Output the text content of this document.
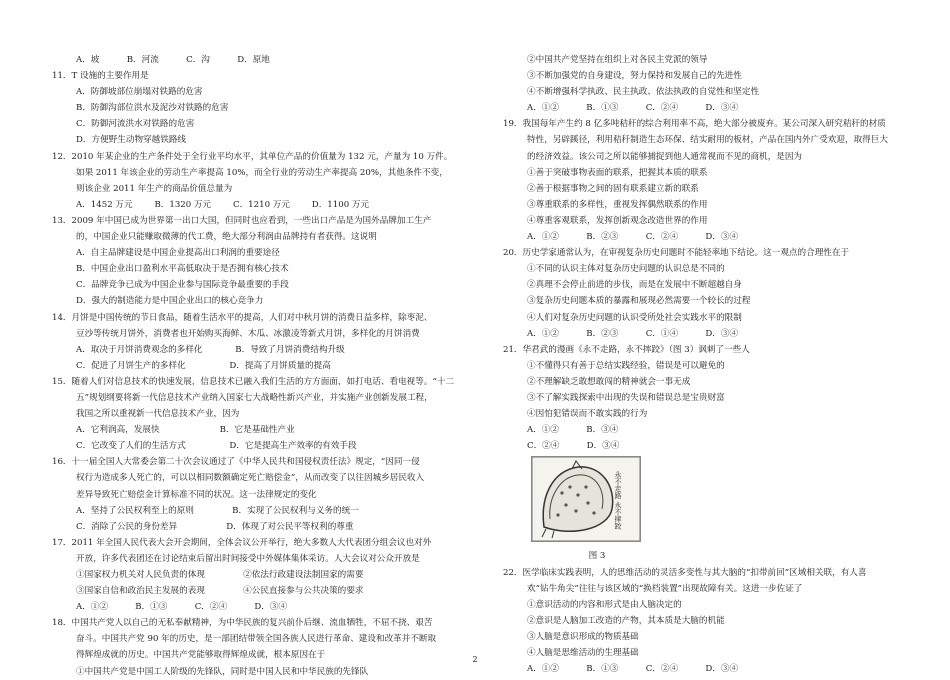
A．坡          B．河流          C．沟          D．原地
11．T 设施的主要作用是
A．防御坡部位崩塌对铁路的危害
B．防御沟部位洪水及泥沙对铁路的危害
C．防御河流洪水对铁路的危害
D．方便野生动物穿越铁路线
12．2010 年某企业的生产条件处于全行业平均水平，其单位产品的价值量为 132 元，产量为 10 万件。
如果 2011 年该企业的劳动生产率提高 10%，而全行业的劳动生产率提高 20%，其他条件不变，
则该企业 2011 年生产的商品价值总量为
A．1452 万元        B．1320 万元        C．1210 万元        D．1100 万元
13．2009 年中国已成为世界第一出口大国，但同时也应看到，一些出口产品是为国外品牌加工生产
的，中国企业只能赚取微薄的代工费，绝大部分利润由品牌持有者获得。这说明
A．自主品牌建设是中国企业提高出口利润的重要途径
B．中国企业出口盈利水平高低取决于是否拥有核心技术
C．品牌竞争已成为中国企业参与国际竞争最重要的手段
D．强大的制造能力是中国企业出口的核心竞争力
14．月饼是中国传统的节日食品，随着生活水平的提高，人们对中秋月饼的消费日益多样，除枣泥、
豆沙等传统月饼外，消费者也开始购买海鲜、木瓜、冰激凌等新式月饼，多样化的月饼消费
A．取决于月饼消费观念的多样化            B．导致了月饼消费结构升级
C．促进了月饼生产的多样化                D．提高了月饼质量的提高
15．随着人们对信息技术的快速发展，信息技术已融入我们生活的方方面面，如打电话、看电视等。“十二
五”规划纲要将新一代信息技术产业纳入国家七大战略性新兴产业，并实施产业创新发展工程，
我国之所以重视新一代信息技术产业，因为
A．它利润高，发展快                      B．它是基础性产业
C．它改变了人们的生活方式                D．它是提高生产效率的有效手段
16．十一届全国人大常委会第二十次会议通过了《中华人民共和国侵权责任法》规定，“因同一侵
权行为造成多人死亡的，可以以相同数额确定死亡赔偿金”，从而改变了以往因城乡居民收入
差异导致死亡赔偿金计算标准不同的状况。这一法律规定的变化
A．坚持了公民权利至上的原则              B．实现了公民权利与义务的统一
C．消除了公民的身份差异                  D．体现了对公民平等权利的尊重
17．2011 年全国人民代表大会开会期间，全体会议公开举行，绝大多数人大代表团分组会议也对外
开放，许多代表团还在讨论结束后留出时间接受中外媒体集体采访。人大会议对公众开放是
①国家权力机关对人民负责的体现              ②依法行政建设法制国家的需要
③国家自信和政治民主发展的表现              ④公民直接参与公共决策的要求
A．①②          B．①③          C．②④          D．③④
18．中国共产党人以自己的无私奉献精神，为中华民族的复兴前仆后继、流血牺牲，不屈不挠、艰苦
奋斗。中国共产党 90 年的历史，是一部团结带领全国各族人民进行革命、建设和改革并不断取
得辉煌成就的历史。中国共产党能够取得辉煌成就，根本原因在于
①中国共产党是中国工人阶级的先锋队，同时是中国人民和中华民族的先锋队
②中国共产党坚持在组织上对各民主党派的领导
③不断加强党的自身建设，努力保持和发展自己的先进性
④不断增强科学执政、民主执政、依法执政的自觉性和坚定性
A．①②          B．①③          C．②④          D．③④
19．我国每年产生约 8 亿多吨秸秆的综合利用率不高，绝大部分被废弃。某公司深入研究秸秆的材质
特性，另辟蹊径，利用秸秆制造生态环保、结实耐用的板材，产品在国内外广受欢迎，取得巨大
的经济效益。该公司之所以能够捕捉到他人通常视而不见的商机，是因为
①善于突破事物表面的联系，把握其本质的联系
②善于根据事物之间的固有联系建立新的联系
③尊重联系的多样性，重视发挥偶然联系的作用
④尊重客观联系，发挥创新观念改造世界的作用
A．①②          B．②③          C．②④          D．③④
20．历史学家通常认为，在审视复杂历史问题时不能轻率地下结论。这一观点的合理性在于
①不同的认识主体对复杂历史问题的认识总是不同的
②真理不会停止前进的步伐，而是在发展中不断超越自身
③复杂历史问题本质的暴露和展现必然需要一个较长的过程
④人们对复杂历史问题的认识受所处社会实践水平的限制
A．①②          B．②③          C．①④          D．③④
21．华君武的漫画《永不走路，永不摔跤》（图 3）讽刺了一些人
①不懂得只有善于总结实践经验，错误是可以避免的
②不理解缺乏敢想敢闯的精神就会一事无成
③不了解实践探索中出现的失误和错误总是宝贵财富
④因怕犯错误而不敢实践的行为
A．①②          B．③④
C．②④          D．③④
永不走路 永不摔跤
图 3
22．医学临床实践表明，人的思维活动的灵活多变性与其大脑的“扣带前回”区域相关联，有人喜
欢“钻牛角尖”往往与该区域的“换档装置”出现故障有关。这进一步佐证了
①意识活动的内容和形式是由人脑决定的
②意识是人脑加工改造的产物，其本质是大脑的机能
③人脑是意识形成的物质基础
④人脑是思维活动的生理基础
A．①②          B．①③          C．②④          D．③④
2
